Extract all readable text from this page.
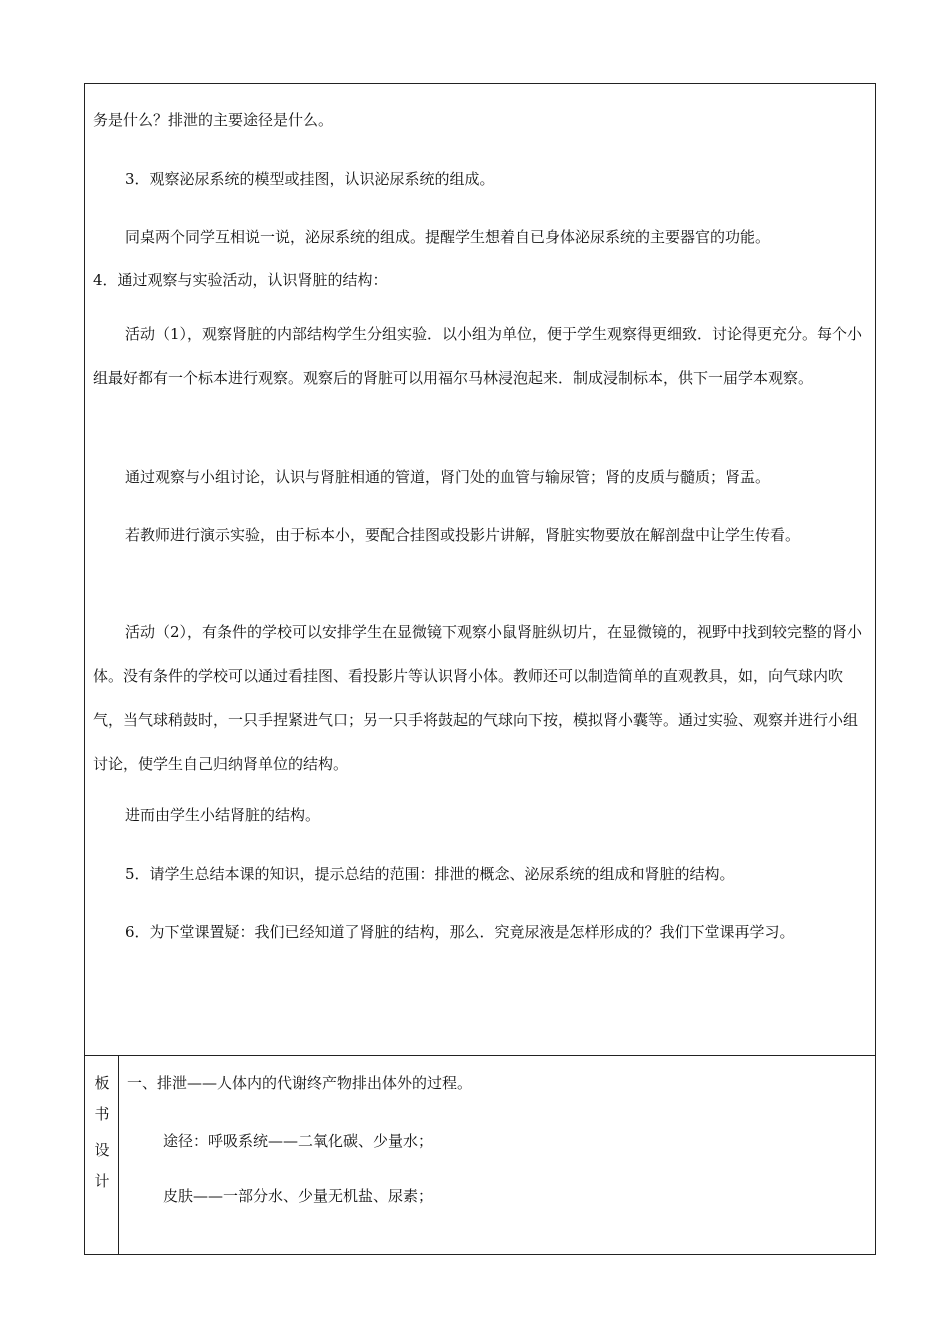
务是什么？排泄的主要途径是什么。

3．观察泌尿系统的模型或挂图，认识泌尿系统的组成。

同桌两个同学互相说一说，泌尿系统的组成。提醒学生想着自已身体泌尿系统的主要器官的功能。

4．通过观察与实验活动，认识肾脏的结构：

活动（1），观察肾脏的内部结构学生分组实验．以小组为单位，便于学生观察得更细致．讨论得更充分。每个小组最好都有一个标本进行观察。观察后的肾脏可以用福尔马林浸泡起来．制成浸制标本，供下一届学本观察。

通过观察与小组讨论，认识与肾脏相通的管道，肾门处的血管与输尿管；肾的皮质与髓质；肾盂。

若教师进行演示实验，由于标本小，要配合挂图或投影片讲解，肾脏实物要放在解剖盘中让学生传看。

活动（2），有条件的学校可以安排学生在显微镜下观察小鼠肾脏纵切片，在显微镜的，视野中找到较完整的肾小体。没有条件的学校可以通过看挂图、看投影片等认识肾小体。教师还可以制造简单的直观教具，如，向气球内吹气，当气球稍鼓时，一只手捏紧进气口；另一只手将鼓起的气球向下按，模拟肾小囊等。通过实验、观察并进行小组讨论，使学生自己归纳肾单位的结构。

进而由学生小结肾脏的结构。

5．请学生总结本课的知识，提示总结的范围：排泄的概念、泌尿系统的组成和肾脏的结构。

6．为下堂课置疑：我们已经知道了肾脏的结构，那么．究竟尿液是怎样形成的？我们下堂课再学习。

板
书
设
计
一、排泄——人体内的代谢终产物排出体外的过程。
途径：呼吸系统——二氧化碳、少量水；
皮肤——一部分水、少量无机盐、尿素；
